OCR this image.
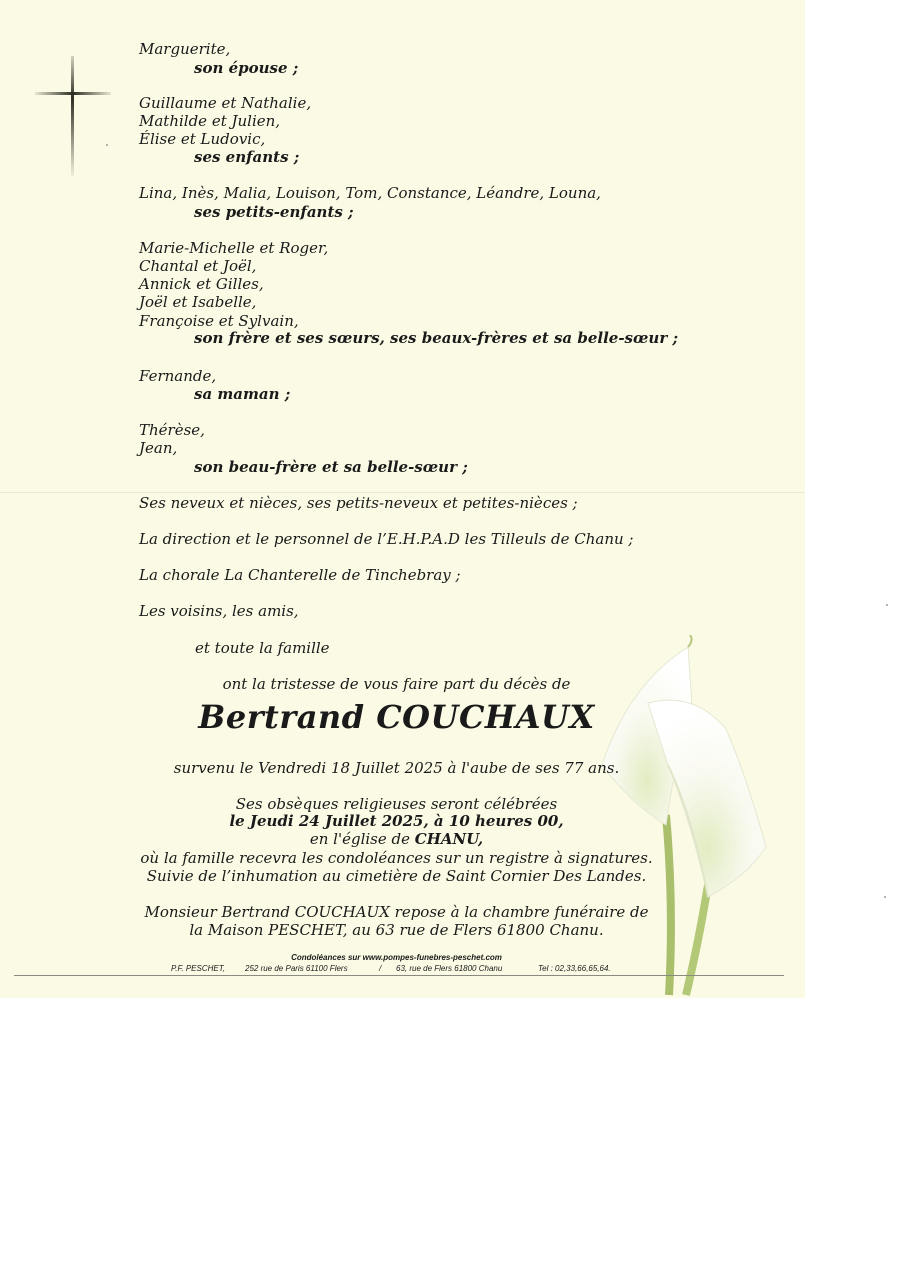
Marguerite,
son épouse ;
Guillaume et Nathalie,
Mathilde et Julien,
Élise et Ludovic,
ses enfants ;
Lina, Inès, Malia, Louison, Tom, Constance, Léandre, Louna,
ses petits-enfants ;
Marie-Michelle et Roger,
Chantal et Joël,
Annick et Gilles,
Joël et Isabelle,
Françoise et Sylvain,
son frère et ses sœurs, ses beaux-frères et sa belle-sœur ;
Fernande,
sa maman ;
Thérèse,
Jean,
son beau-frère et sa belle-sœur ;
Ses neveux et nièces, ses petits-neveux et petites-nièces ;
La direction et le personnel de l’E.H.P.A.D les Tilleuls de Chanu ;
La chorale La Chanterelle de Tinchebray ;
Les voisins, les amis,
et toute la famille
ont la tristesse de vous faire part du décès de
Bertrand COUCHAUX
survenu le Vendredi 18 Juillet 2025 à l'aube de ses 77 ans.
Ses obsèques religieuses seront célébrées
le Jeudi 24 Juillet 2025, à 10 heures 00,
en l'église de CHANU,
où la famille recevra les condoléances sur un registre à signatures.
Suivie de l’inhumation au cimetière de Saint Cornier Des Landes.
Monsieur Bertrand COUCHAUX repose à la chambre funéraire de
la Maison PESCHET, au 63 rue de Flers 61800 Chanu.
Condoléances sur www.pompes-funebres-peschet.com
P.F. PESCHET, 252 rue de Paris 61100 Flers	/ 63, rue de Flers 61800 Chanu	Tel : 02,33,66,65,64.
